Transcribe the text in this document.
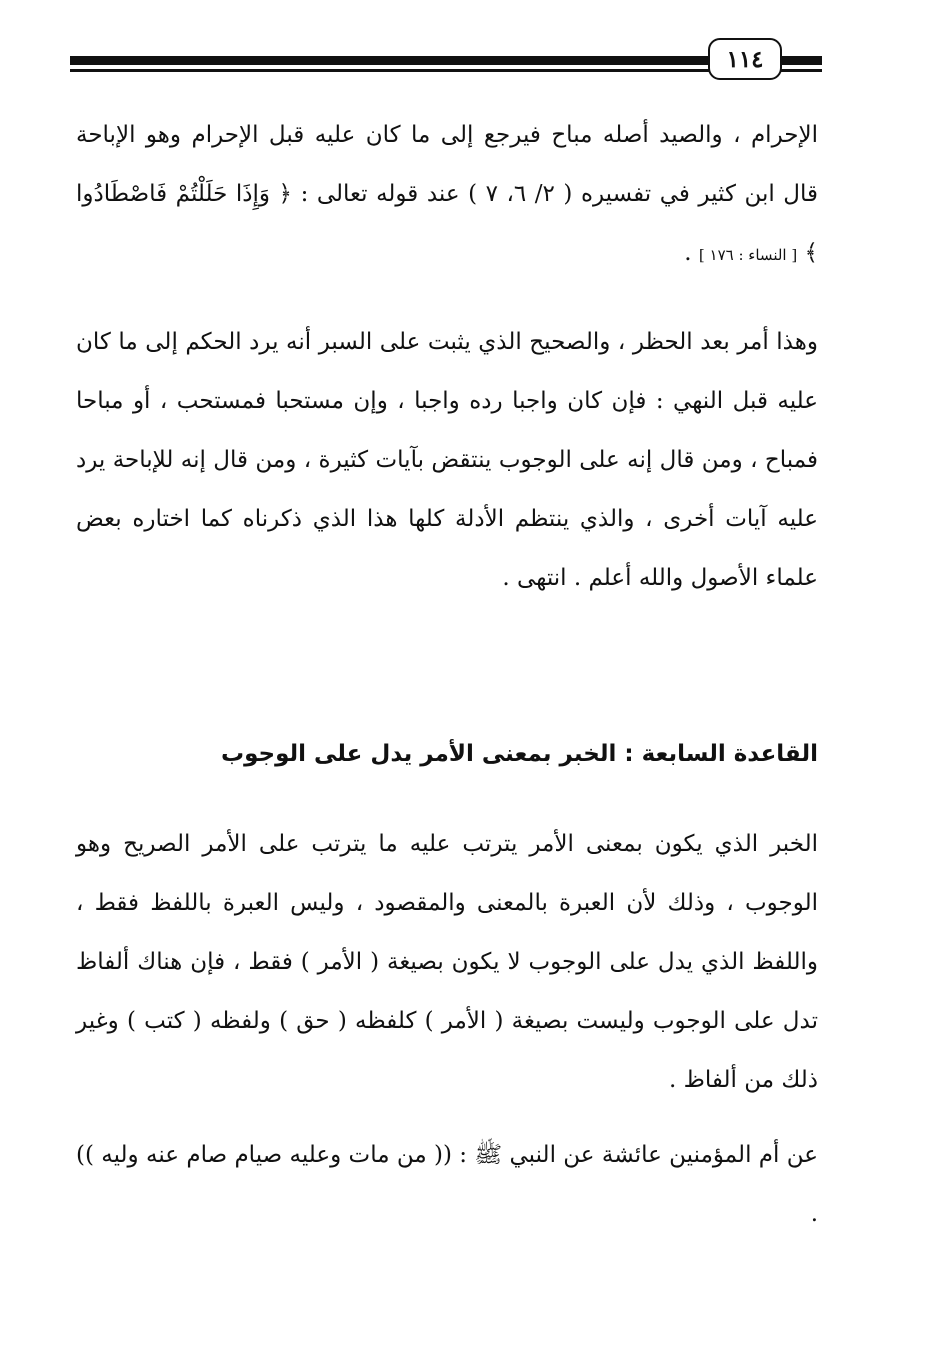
١١٤

الإحرام ، والصيد أصله مباح فيرجع إلى ما كان عليه قبل الإحرام وهو الإباحة قال ابن كثير في تفسيره ( ٢/ ٦، ٧ ) عند قوله تعالى : ﴿ وَإِذَا حَلَلْتُمْ فَاصْطَادُوا ﴾ [ النساء : ١٧٦ ] .

وهذا أمر بعد الحظر ، والصحيح الذي يثبت على السبر أنه يرد الحكم إلى ما كان عليه قبل النهي : فإن كان واجبا رده واجبا ، وإن مستحبا فمستحب ، أو مباحا فمباح ، ومن قال إنه على الوجوب ينتقض بآيات كثيرة ، ومن قال إنه للإباحة يرد عليه آيات أخرى ، والذي ينتظم الأدلة كلها هذا الذي ذكرناه كما اختاره بعض علماء الأصول والله أعلم . انتهى .

القاعدة السابعة : الخبر بمعنى الأمر يدل على الوجوب

الخبر الذي يكون بمعنى الأمر يترتب عليه ما يترتب على الأمر الصريح وهو الوجوب ، وذلك لأن العبرة بالمعنى والمقصود ، وليس العبرة باللفظ فقط ، واللفظ الذي يدل على الوجوب لا يكون بصيغة ( الأمر ) فقط ، فإن هناك ألفاظ تدل على الوجوب وليست بصيغة ( الأمر ) كلفظه ( حق ) ولفظه ( كتب ) وغير ذلك من ألفاظ .

عن أم المؤمنين عائشة عن النبي ﷺ : (( من مات وعليه صيام صام عنه وليه )) .
